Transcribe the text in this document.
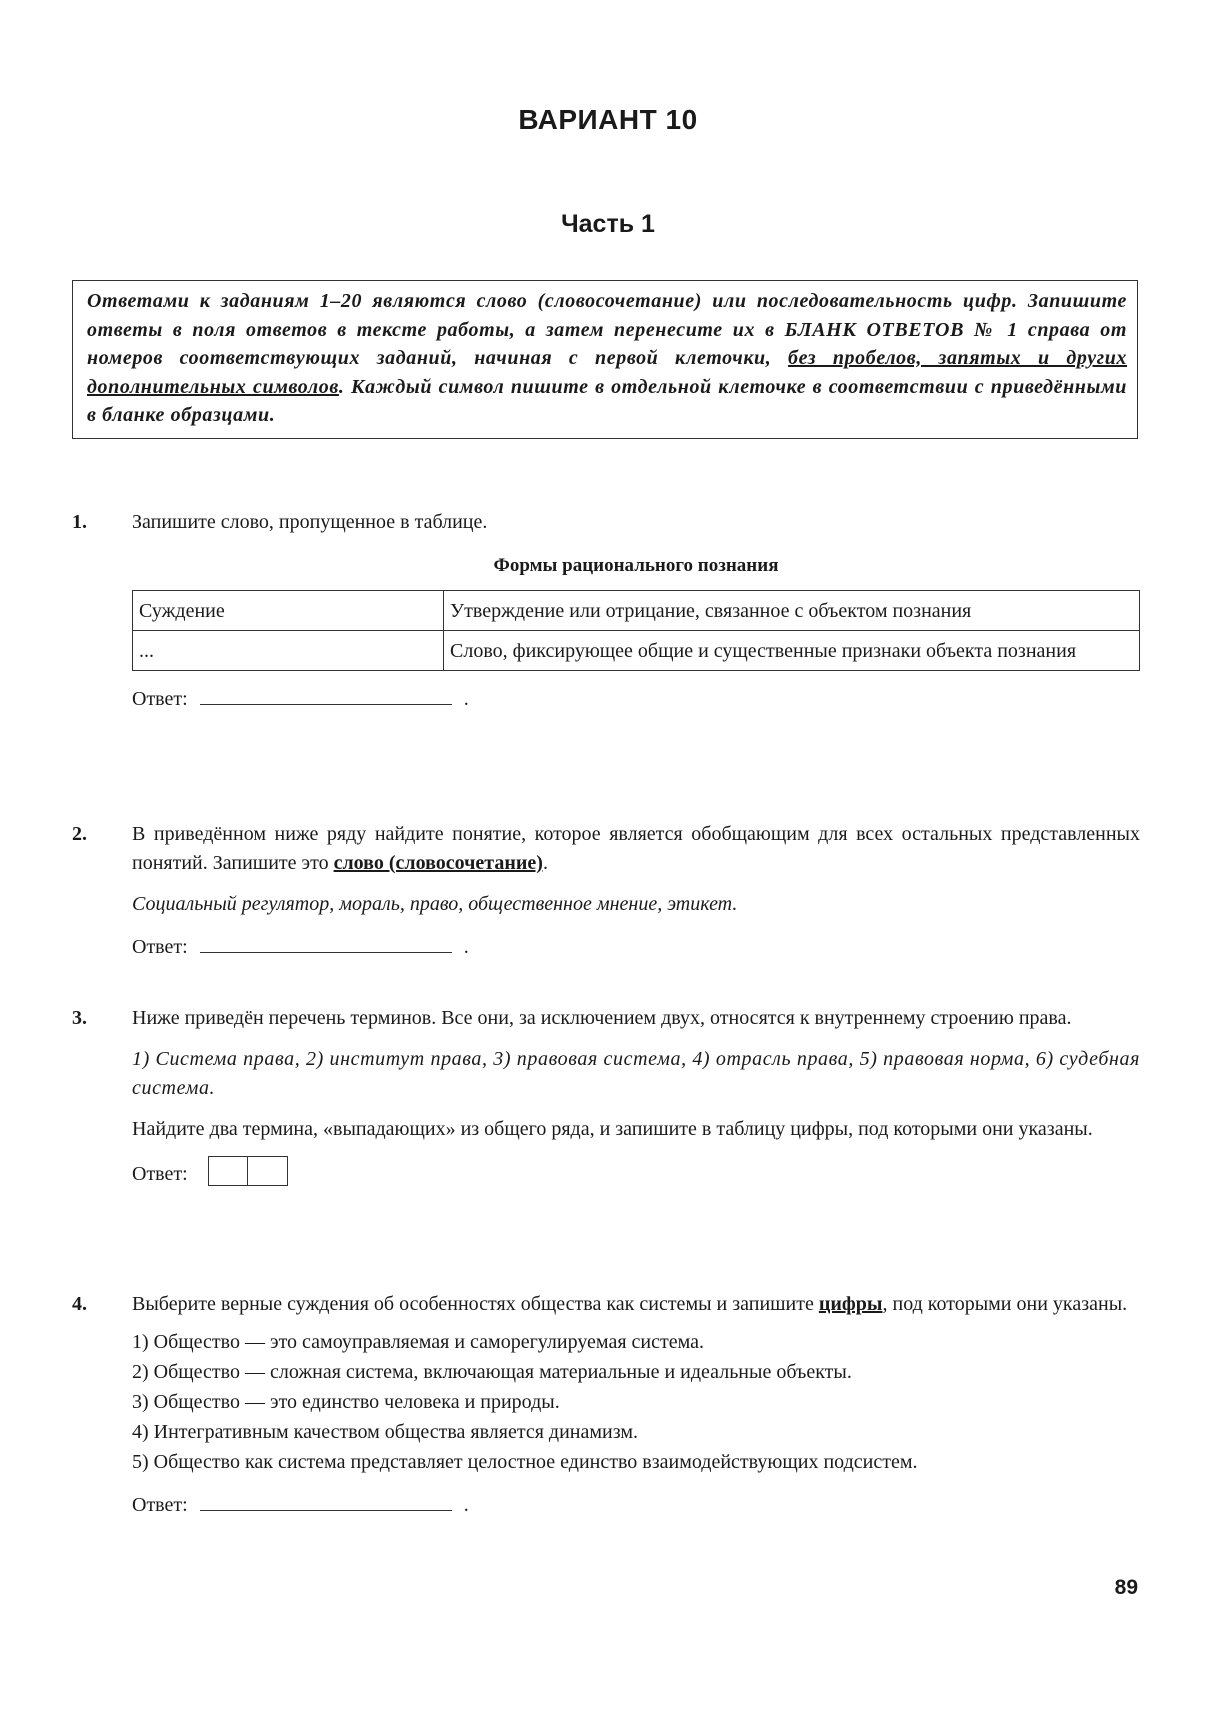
ВАРИАНТ 10
Часть 1
Ответами к заданиям 1–20 являются слово (словосочетание) или последовательность цифр. Запишите ответы в поля ответов в тексте работы, а затем перенесите их в БЛАНК ОТВЕТОВ № 1 справа от номеров соответствующих заданий, начиная с первой клеточки, без пробелов, запятых и других дополнительных символов. Каждый символ пишите в отдельной клеточке в соответствии с приведёнными в бланке образцами.
1. Запишите слово, пропущенное в таблице.
Формы рационального познания
Суждение	Утверждение или отрицание, связанное с объектом познания
...	Слово, фиксирующее общие и существенные признаки объекта познания
Ответ:	.
2. В приведённом ниже ряду найдите понятие, которое является обобщающим для всех остальных представленных понятий. Запишите это слово (словосочетание).
Социальный регулятор, мораль, право, общественное мнение, этикет.
Ответ:	.
3. Ниже приведён перечень терминов. Все они, за исключением двух, относятся к внутреннему строению права.
1) Система права, 2) институт права, 3) правовая система, 4) отрасль права, 5) правовая норма, 6) судебная система.
Найдите два термина, «выпадающих» из общего ряда, и запишите в таблицу цифры, под которыми они указаны.
Ответ:
4. Выберите верные суждения об особенностях общества как системы и запишите цифры, под которыми они указаны.
1) Общество — это самоуправляемая и саморегулируемая система.
2) Общество — сложная система, включающая материальные и идеальные объекты.
3) Общество — это единство человека и природы.
4) Интегративным качеством общества является динамизм.
5) Общество как система представляет целостное единство взаимодействующих подсистем.
Ответ:	.
89
